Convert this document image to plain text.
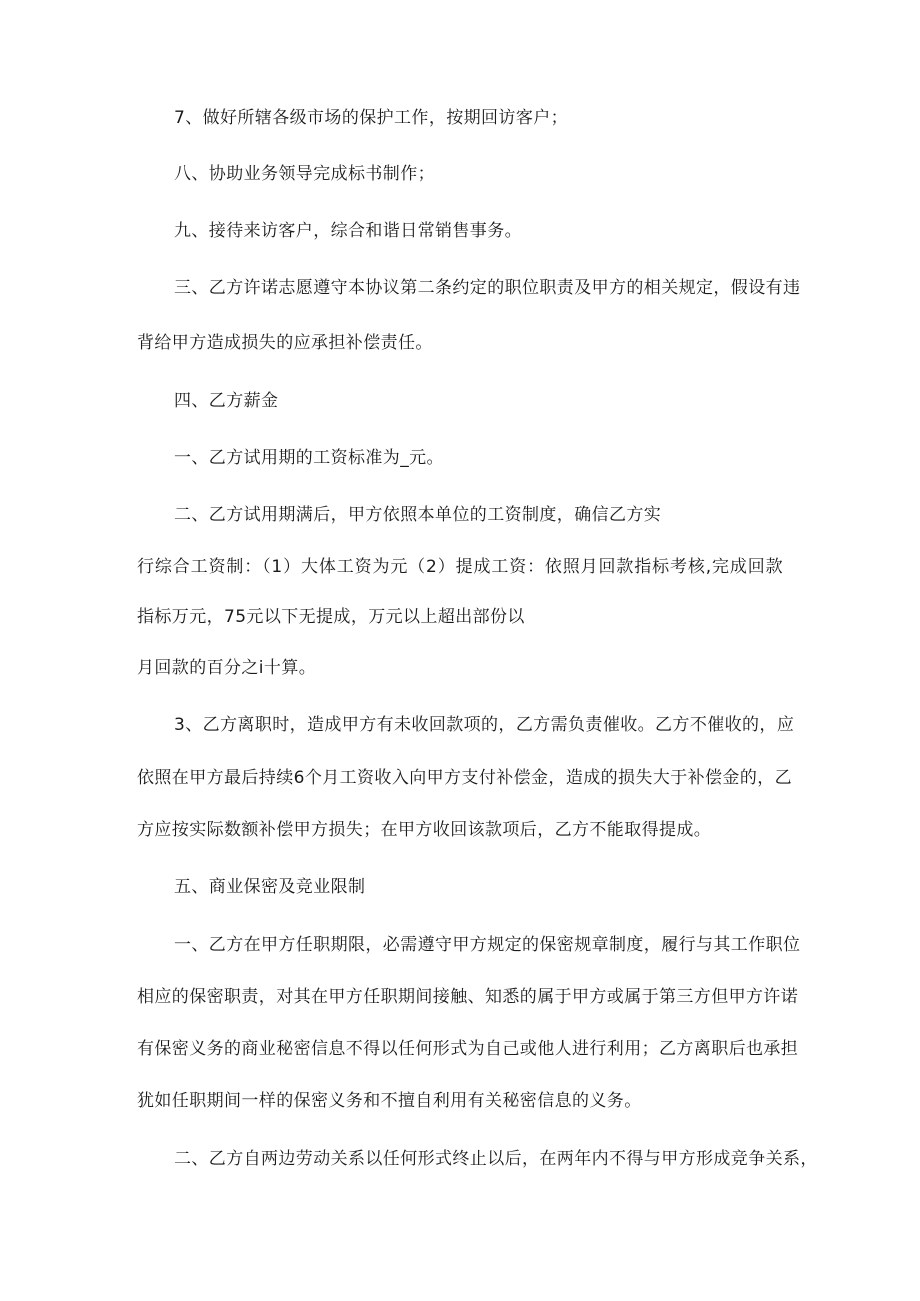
7、做好所辖各级市场的保护工作，按期回访客户；
八、协助业务领导完成标书制作；
九、接待来访客户，综合和谐日常销售事务。
三、乙方许诺志愿遵守本协议第二条约定的职位职责及甲方的相关规定，假设有违
背给甲方造成损失的应承担补偿责任。
四、乙方薪金
一、乙方试用期的工资标准为_元。
二、乙方试用期满后，甲方依照本单位的工资制度，确信乙方实
行综合工资制：（1）大体工资为元（2）提成工资：依照月回款指标考核,完成回款
指标万元，75元以下无提成，万元以上超出部份以
月回款的百分之i十算。
3、乙方离职时，造成甲方有未收回款项的，乙方需负责催收。乙方不催收的，应
依照在甲方最后持续6个月工资收入向甲方支付补偿金，造成的损失大于补偿金的，乙
方应按实际数额补偿甲方损失；在甲方收回该款项后，乙方不能取得提成。
五、商业保密及竞业限制
一、乙方在甲方任职期限，必需遵守甲方规定的保密规章制度，履行与其工作职位
相应的保密职责，对其在甲方任职期间接触、知悉的属于甲方或属于第三方但甲方许诺
有保密义务的商业秘密信息不得以任何形式为自己或他人进行利用；乙方离职后也承担
犹如任职期间一样的保密义务和不擅自利用有关秘密信息的义务。
二、乙方自两边劳动关系以任何形式终止以后，在两年内不得与甲方形成竞争关系，
